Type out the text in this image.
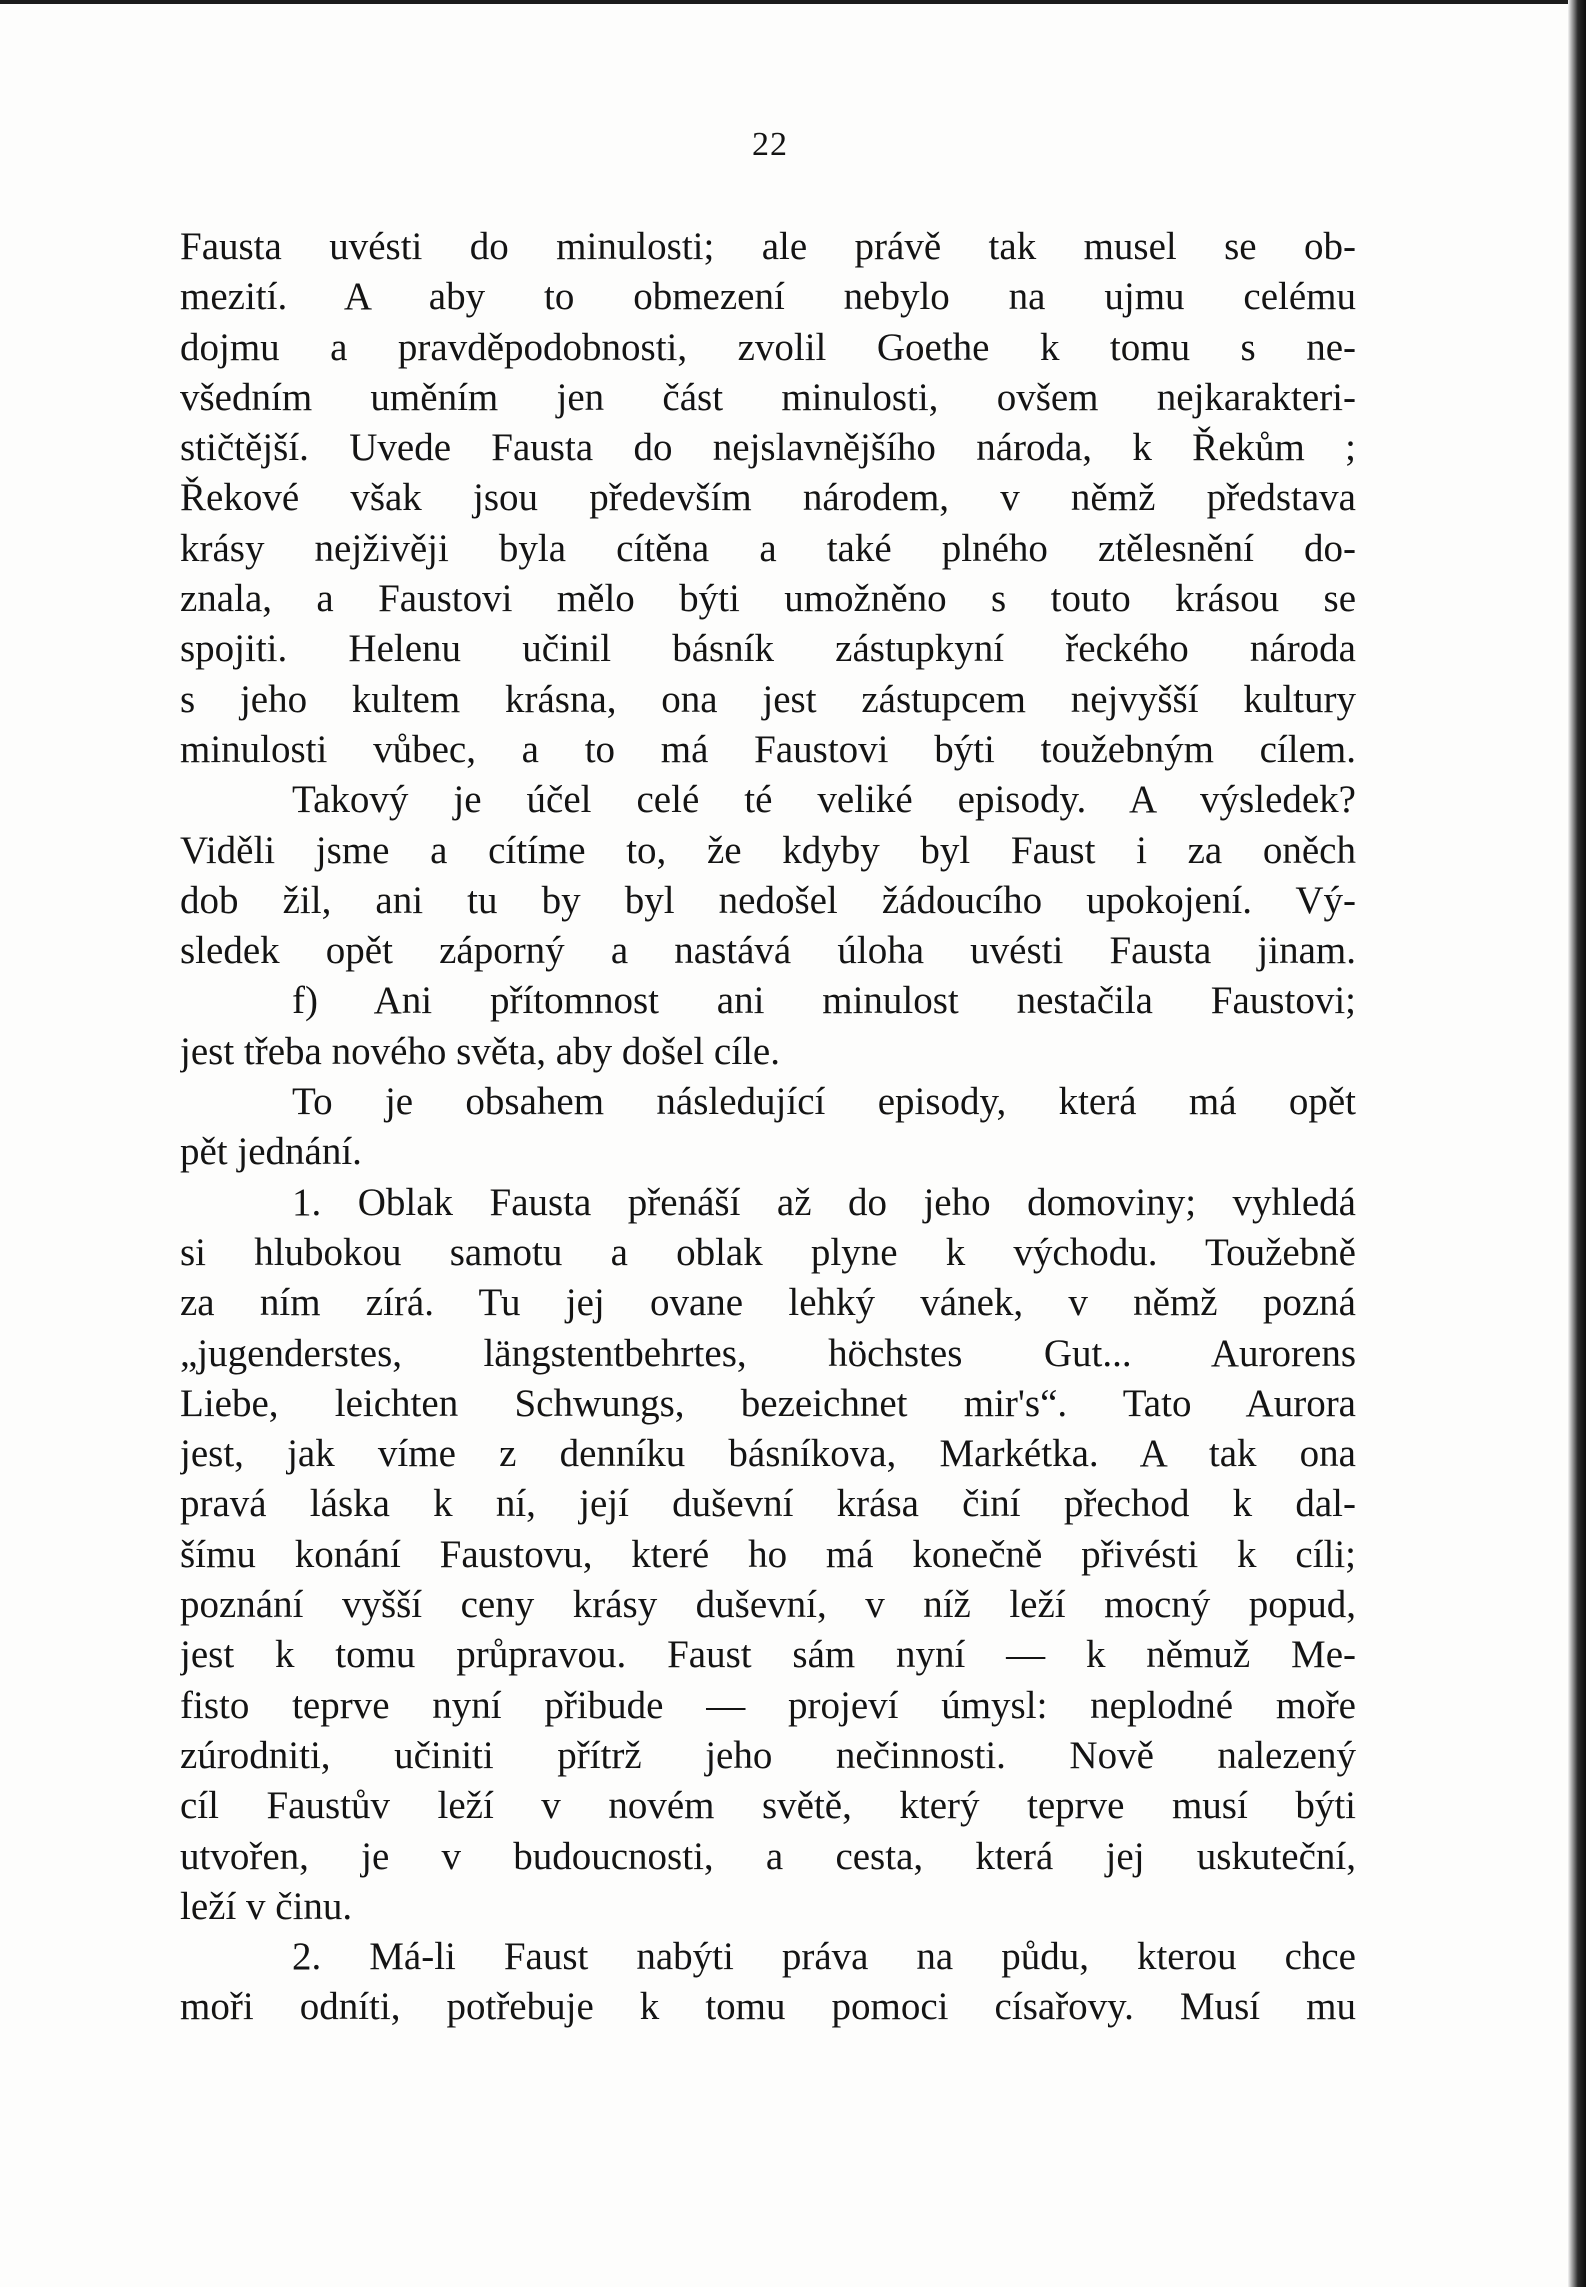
22
Fausta uvésti do minulosti; ale právě tak musel se ob-
mezití. A aby to obmezení nebylo na ujmu celému
dojmu a pravděpodobnosti, zvolil Goethe k tomu s ne-
všedním uměním jen část minulosti, ovšem nejkarakteri-
stičtější. Uvede Fausta do nejslavnějšího národa, k Řekům ;
Řekové však jsou především národem, v němž představa
krásy nejživěji byla cítěna a také plného ztělesnění do-
znala, a Faustovi mělo býti umožněno s touto krásou se
spojiti. Helenu učinil básník zástupkyní řeckého národa
s jeho kultem krásna, ona jest zástupcem nejvyšší kultury
minulosti vůbec, a to má Faustovi býti toužebným cílem.
Takový je účel celé té veliké episody. A výsledek?
Viděli jsme a cítíme to, že kdyby byl Faust i za oněch
dob žil, ani tu by byl nedošel žádoucího upokojení. Vý-
sledek opět záporný a nastává úloha uvésti Fausta jinam.
f) Ani přítomnost ani minulost nestačila Faustovi;
jest třeba nového světa, aby došel cíle.
To je obsahem následující episody, která má opět
pět jednání.
1. Oblak Fausta přenáší až do jeho domoviny; vyhledá
si hlubokou samotu a oblak plyne k východu. Toužebně
za ním zírá. Tu jej ovane lehký vánek, v němž pozná
„jugenderstes, längstentbehrtes, höchstes Gut... Aurorens
Liebe, leichten Schwungs, bezeichnet mir's“. Tato Aurora
jest, jak víme z denníku básníkova, Markétka. A tak ona
pravá láska k ní, její duševní krása činí přechod k dal-
šímu konání Faustovu, které ho má konečně přivésti k cíli;
poznání vyšší ceny krásy duševní, v níž leží mocný popud,
jest k tomu průpravou. Faust sám nyní — k němuž Me-
fisto teprve nyní přibude — projeví úmysl: neplodné moře
zúrodniti, učiniti přítrž jeho nečinnosti. Nově nalezený
cíl Faustův leží v novém světě, který teprve musí býti
utvořen, je v budoucnosti, a cesta, která jej uskuteční,
leží v činu.
2. Má-li Faust nabýti práva na půdu, kterou chce
moři odníti, potřebuje k tomu pomoci císařovy. Musí mu
